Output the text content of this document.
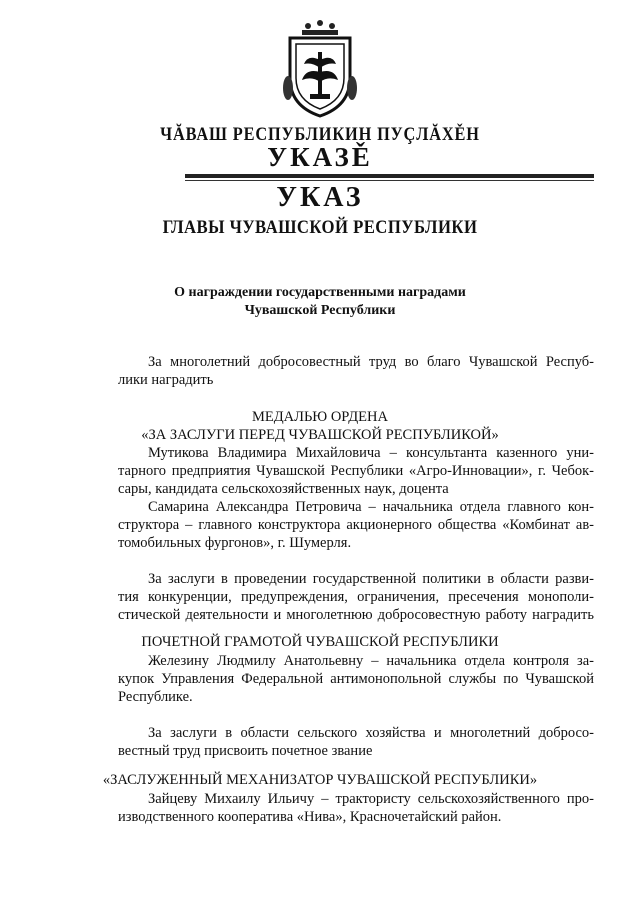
ЧĂВАШ РЕСПУБЛИКИН ПУÇЛĂХĚН
УКАЗĚ
УКАЗ
ГЛАВЫ ЧУВАШСКОЙ РЕСПУБЛИКИ
О награждении государственными наградами
Чувашской Республики
За многолетний добросовестный труд во благо Чувашской Респуб-
лики наградить
МЕДАЛЬЮ ОРДЕНА
«ЗА ЗАСЛУГИ ПЕРЕД ЧУВАШСКОЙ РЕСПУБЛИКОЙ»
Мутикова Владимира Михайловича – консультанта казенного уни-
тарного предприятия Чувашской Республики «Агро-Инновации», г. Чебок-
сары, кандидата сельскохозяйственных наук, доцента
Самарина Александра Петровича – начальника отдела главного кон-
структора – главного конструктора акционерного общества «Комбинат ав-
томобильных фургонов», г. Шумерля.
За заслуги в проведении государственной политики в области разви-
тия конкуренции, предупреждения, ограничения, пресечения монополи-
стической деятельности и многолетнюю добросовестную работу наградить
ПОЧЕТНОЙ ГРАМОТОЙ ЧУВАШСКОЙ РЕСПУБЛИКИ
Железину Людмилу Анатольевну – начальника отдела контроля за-
купок Управления Федеральной антимонопольной службы по Чувашской
Республике.
За заслуги в области сельского хозяйства и многолетний добросо-
вестный труд присвоить почетное звание
«ЗАСЛУЖЕННЫЙ МЕХАНИЗАТОР ЧУВАШСКОЙ РЕСПУБЛИКИ»
Зайцеву Михаилу Ильичу – трактористу сельскохозяйственного про-
изводственного кооператива «Нива», Красночетайский район.
